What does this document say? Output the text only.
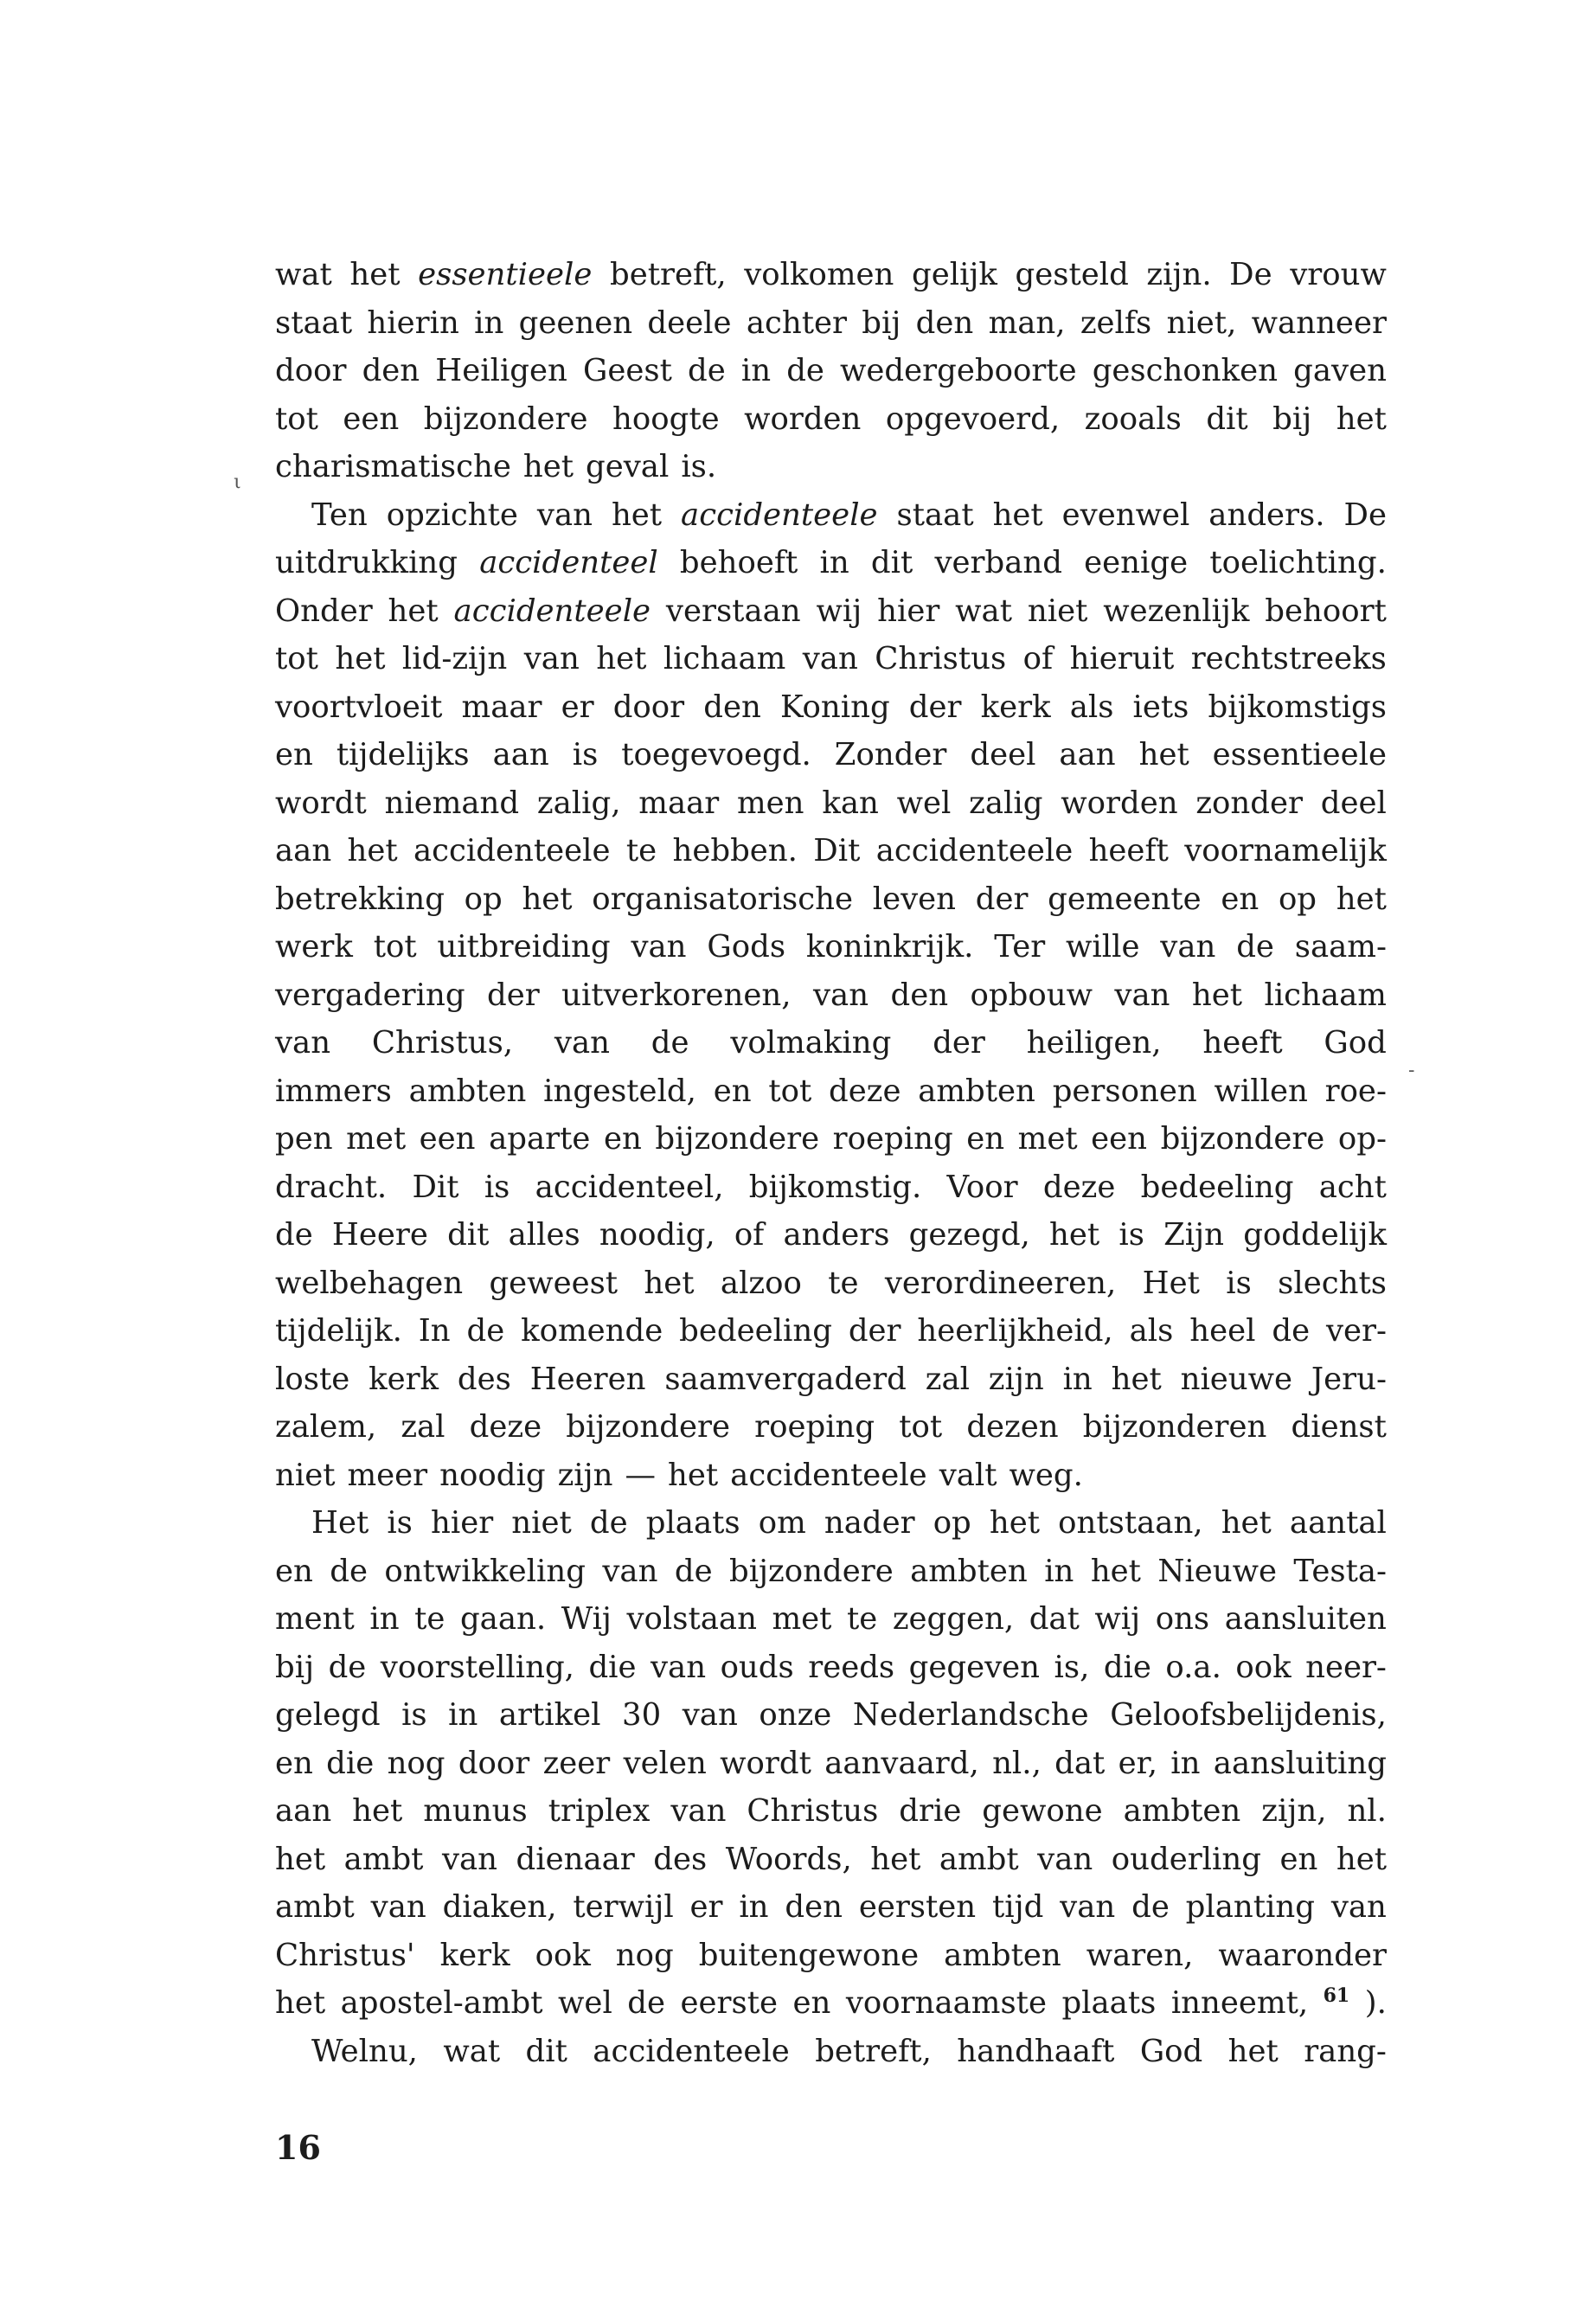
wat het essentieele betreft, volkomen gelijk gesteld zijn. De vrouw
staat hierin in geenen deele achter bij den man, zelfs niet, wanneer
door den Heiligen Geest de in de wedergeboorte geschonken gaven
tot een bijzondere hoogte worden opgevoerd, zooals dit bij het
charismatische het geval is.
Ten opzichte van het accidenteele staat het evenwel anders. De
uitdrukking accidenteel behoeft in dit verband eenige toelichting.
Onder het accidenteele verstaan wij hier wat niet wezenlijk behoort
tot het lid-zijn van het lichaam van Christus of hieruit rechtstreeks
voortvloeit maar er door den Koning der kerk als iets bijkomstigs
en tijdelijks aan is toegevoegd. Zonder deel aan het essentieele
wordt niemand zalig, maar men kan wel zalig worden zonder deel
aan het accidenteele te hebben. Dit accidenteele heeft voornamelijk
betrekking op het organisatorische leven der gemeente en op het
werk tot uitbreiding van Gods koninkrijk. Ter wille van de saam-
vergadering der uitverkorenen, van den opbouw van het lichaam
van Christus, van de volmaking der heiligen, heeft God
immers ambten ingesteld, en tot deze ambten personen willen roe-
pen met een aparte en bijzondere roeping en met een bijzondere op-
dracht. Dit is accidenteel, bijkomstig. Voor deze bedeeling acht
de Heere dit alles noodig, of anders gezegd, het is Zijn goddelijk
welbehagen geweest het alzoo te verordineeren, Het is slechts
tijdelijk. In de komende bedeeling der heerlijkheid, als heel de ver-
loste kerk des Heeren saamvergaderd zal zijn in het nieuwe Jeru-
zalem, zal deze bijzondere roeping tot dezen bijzonderen dienst
niet meer noodig zijn — het accidenteele valt weg.
Het is hier niet de plaats om nader op het ontstaan, het aantal
en de ontwikkeling van de bijzondere ambten in het Nieuwe Testa-
ment in te gaan. Wij volstaan met te zeggen, dat wij ons aansluiten
bij de voorstelling, die van ouds reeds gegeven is, die o.a. ook neer-
gelegd is in artikel 30 van onze Nederlandsche Geloofsbelijdenis,
en die nog door zeer velen wordt aanvaard, nl., dat er, in aansluiting
aan het munus triplex van Christus drie gewone ambten zijn, nl.
het ambt van dienaar des Woords, het ambt van ouderling en het
ambt van diaken, terwijl er in den eersten tijd van de planting van
Christus' kerk ook nog buitengewone ambten waren, waaronder
het apostel-ambt wel de eerste en voornaamste plaats inneemt, $^{61}$ ).
Welnu, wat dit accidenteele betreft, handhaaft God het rang-
16
ι
-
